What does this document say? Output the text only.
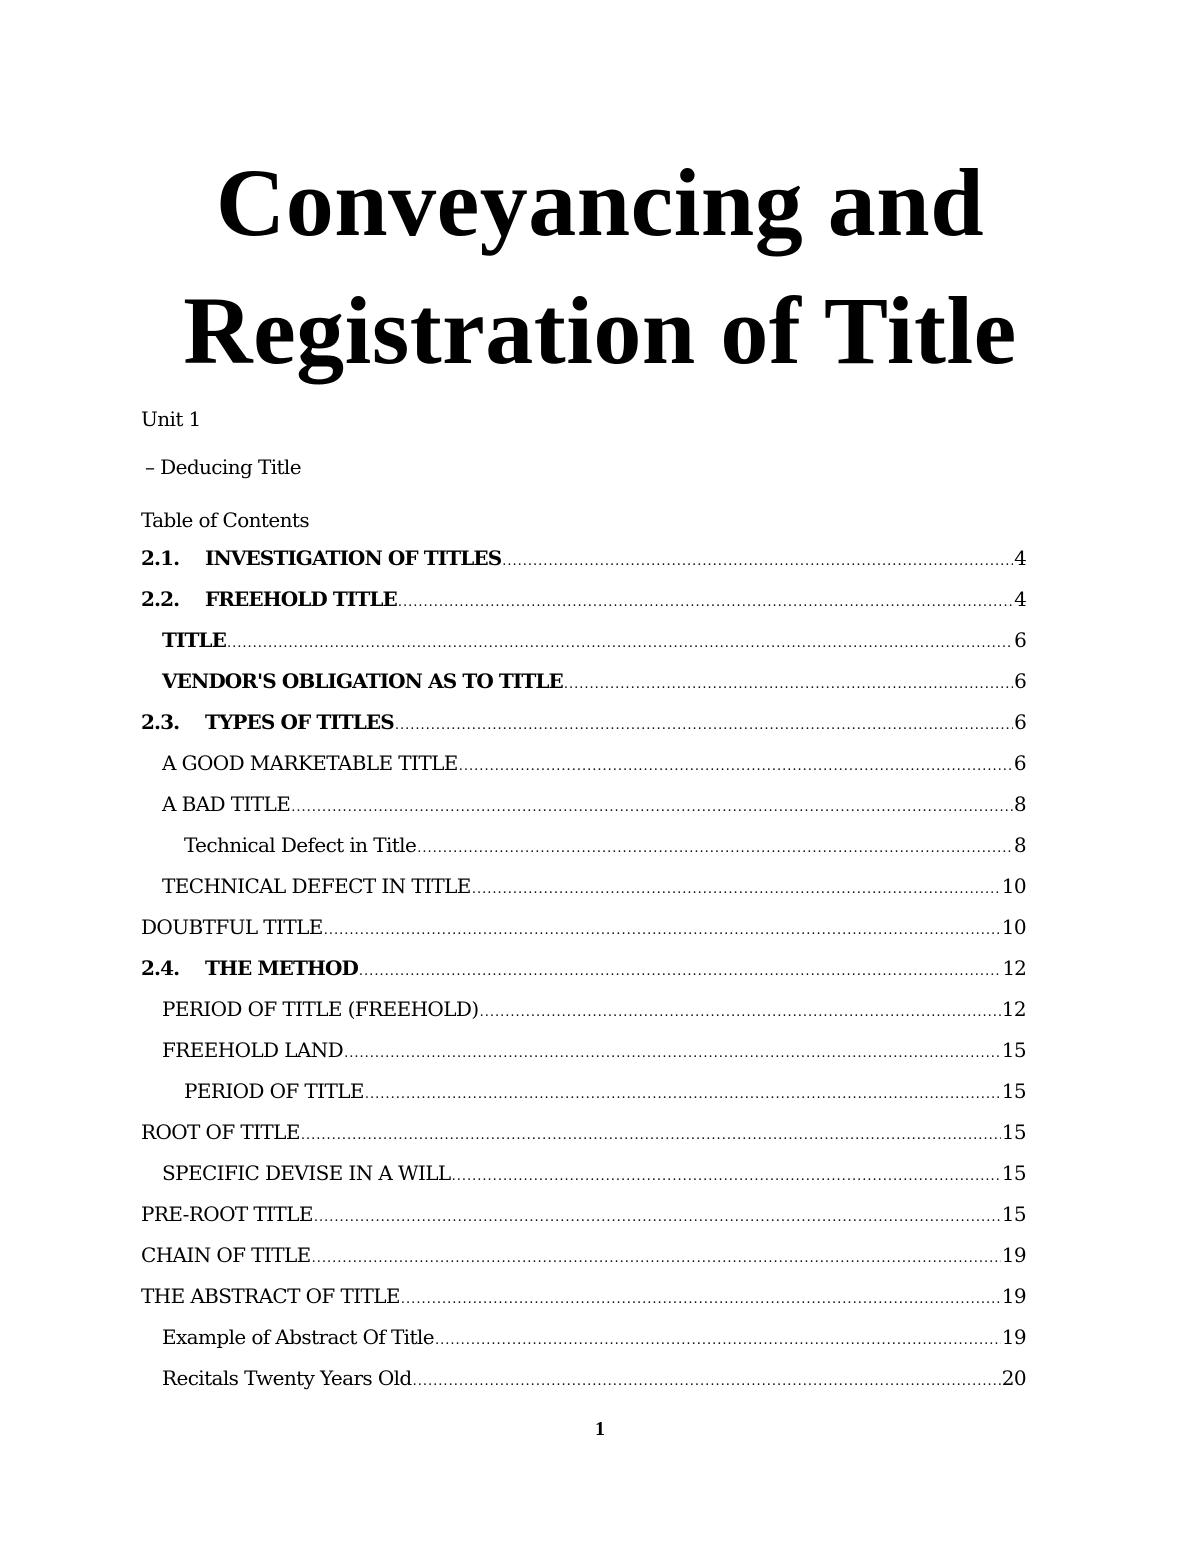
Conveyancing and
Registration of Title
Unit 1
– Deducing Title
Table of Contents
2.1.	INVESTIGATION OF TITLES .....	4
2.2.	FREEHOLD TITLE .....	4
TITLE .....	6
VENDOR'S OBLIGATION AS TO TITLE .....	6
2.3.	TYPES OF TITLES .....	6
A GOOD MARKETABLE TITLE .....	6
A BAD TITLE .....	8
Technical Defect in Title .....	8
TECHNICAL DEFECT IN TITLE .....	10
DOUBTFUL TITLE .....	10
2.4.	THE METHOD .....	12
PERIOD OF TITLE (FREEHOLD) .....	12
FREEHOLD LAND .....	15
PERIOD OF TITLE .....	15
ROOT OF TITLE .....	15
SPECIFIC DEVISE IN A WILL .....	15
PRE-ROOT TITLE .....	15
CHAIN OF TITLE .....	19
THE ABSTRACT OF TITLE .....	19
Example of Abstract Of Title .....	19
Recitals Twenty Years Old .....	20
1
